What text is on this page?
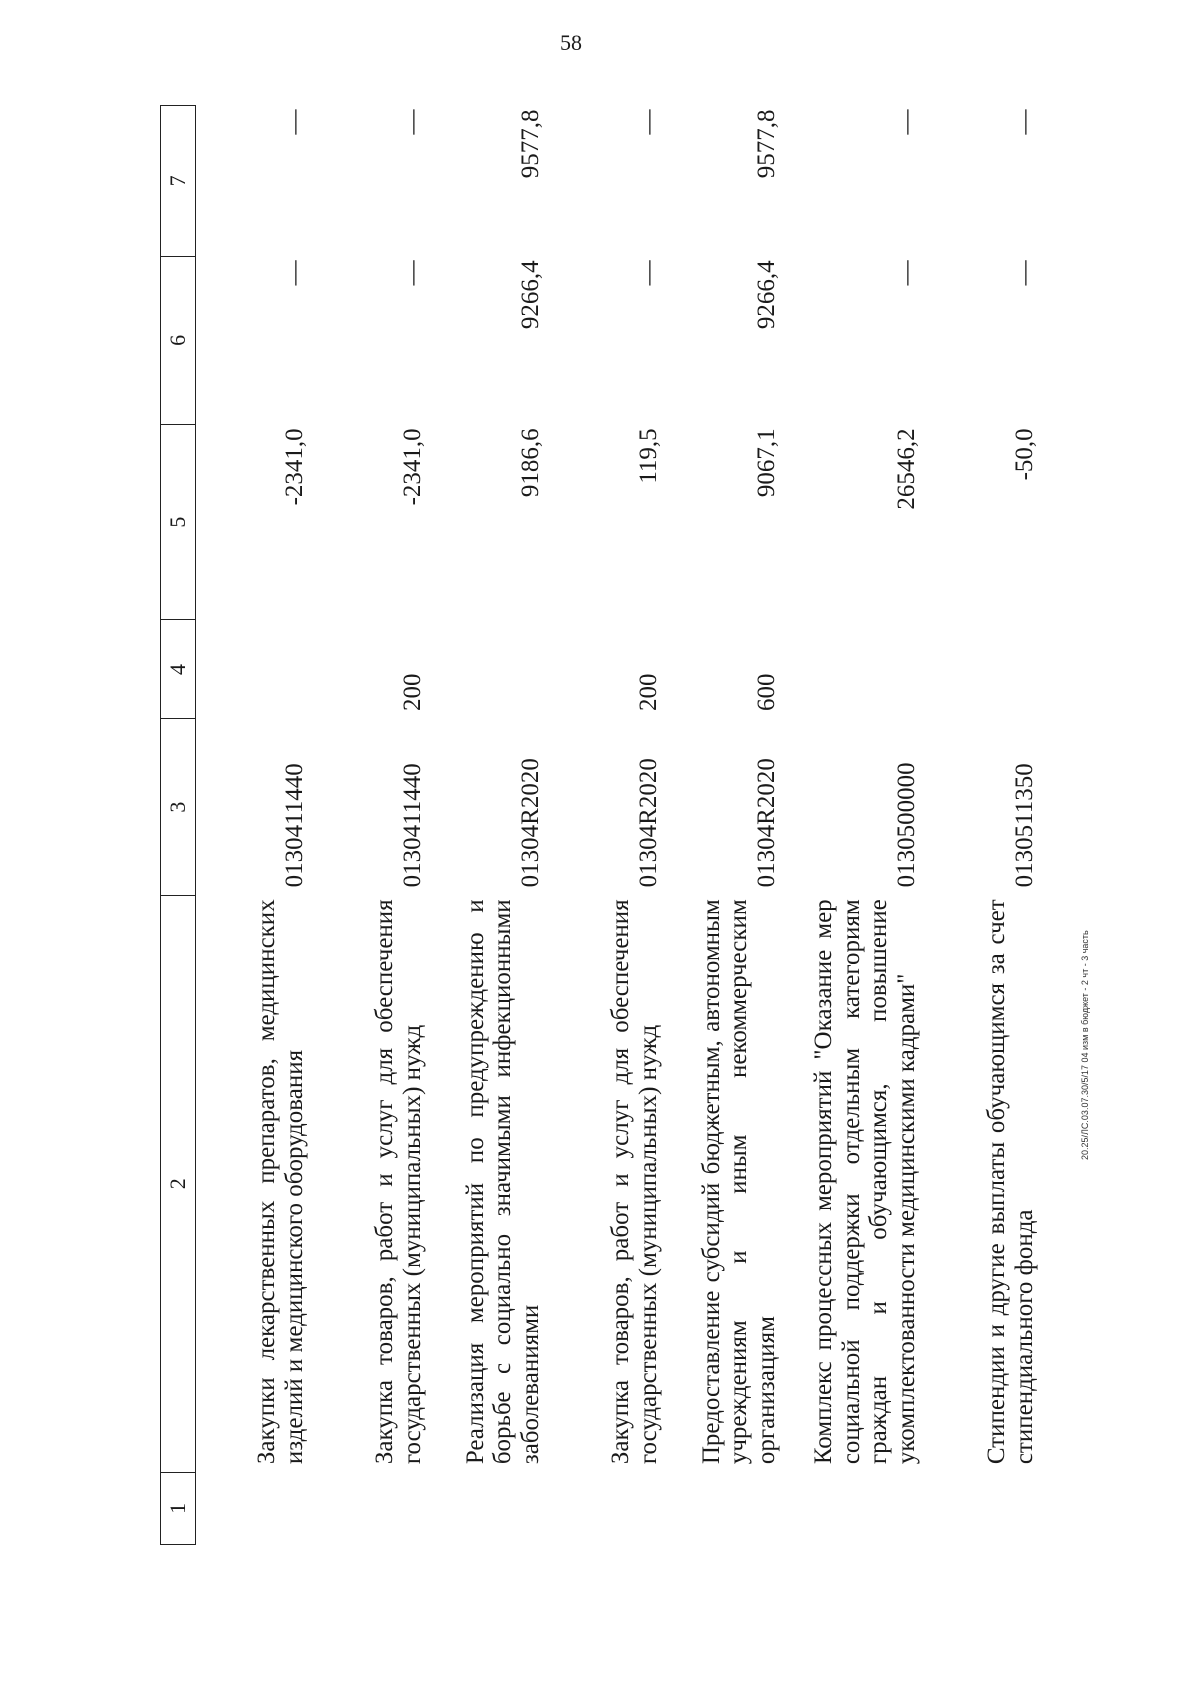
58
1	2	3	4	5	6	7
	Закупки лекарственных препаратов, медицинских изделий и медицинского оборудования	0130411440		-2341,0	—	—
	Закупка товаров, работ и услуг для обеспечения государственных (муниципальных) нужд	0130411440	200	-2341,0	—	—
	Реализация мероприятий по предупреждению и борьбе с социально значимыми инфекционными заболеваниями	01304R2020		9186,6	9266,4	9577,8
	Закупка товаров, работ и услуг для обеспечения государственных (муниципальных) нужд	01304R2020	200	119,5	—	—
	Предоставление субсидий бюджетным, автономным учреждениям и иным некоммерческим организациям	01304R2020	600	9067,1	9266,4	9577,8
	Комплекс процессных мероприятий "Оказание мер социальной поддержки отдельным категориям граждан и обучающимся, повышение укомплектованности медицинскими кадрами"	0130500000		26546,2	—	—
	Стипендии и другие выплаты обучающимся за счет стипендиального фонда	0130511350		-50,0	—	—
20.25/ЛС.03.07.30/5/17 04 изм в бюджет - 2 чт - 3 часть
